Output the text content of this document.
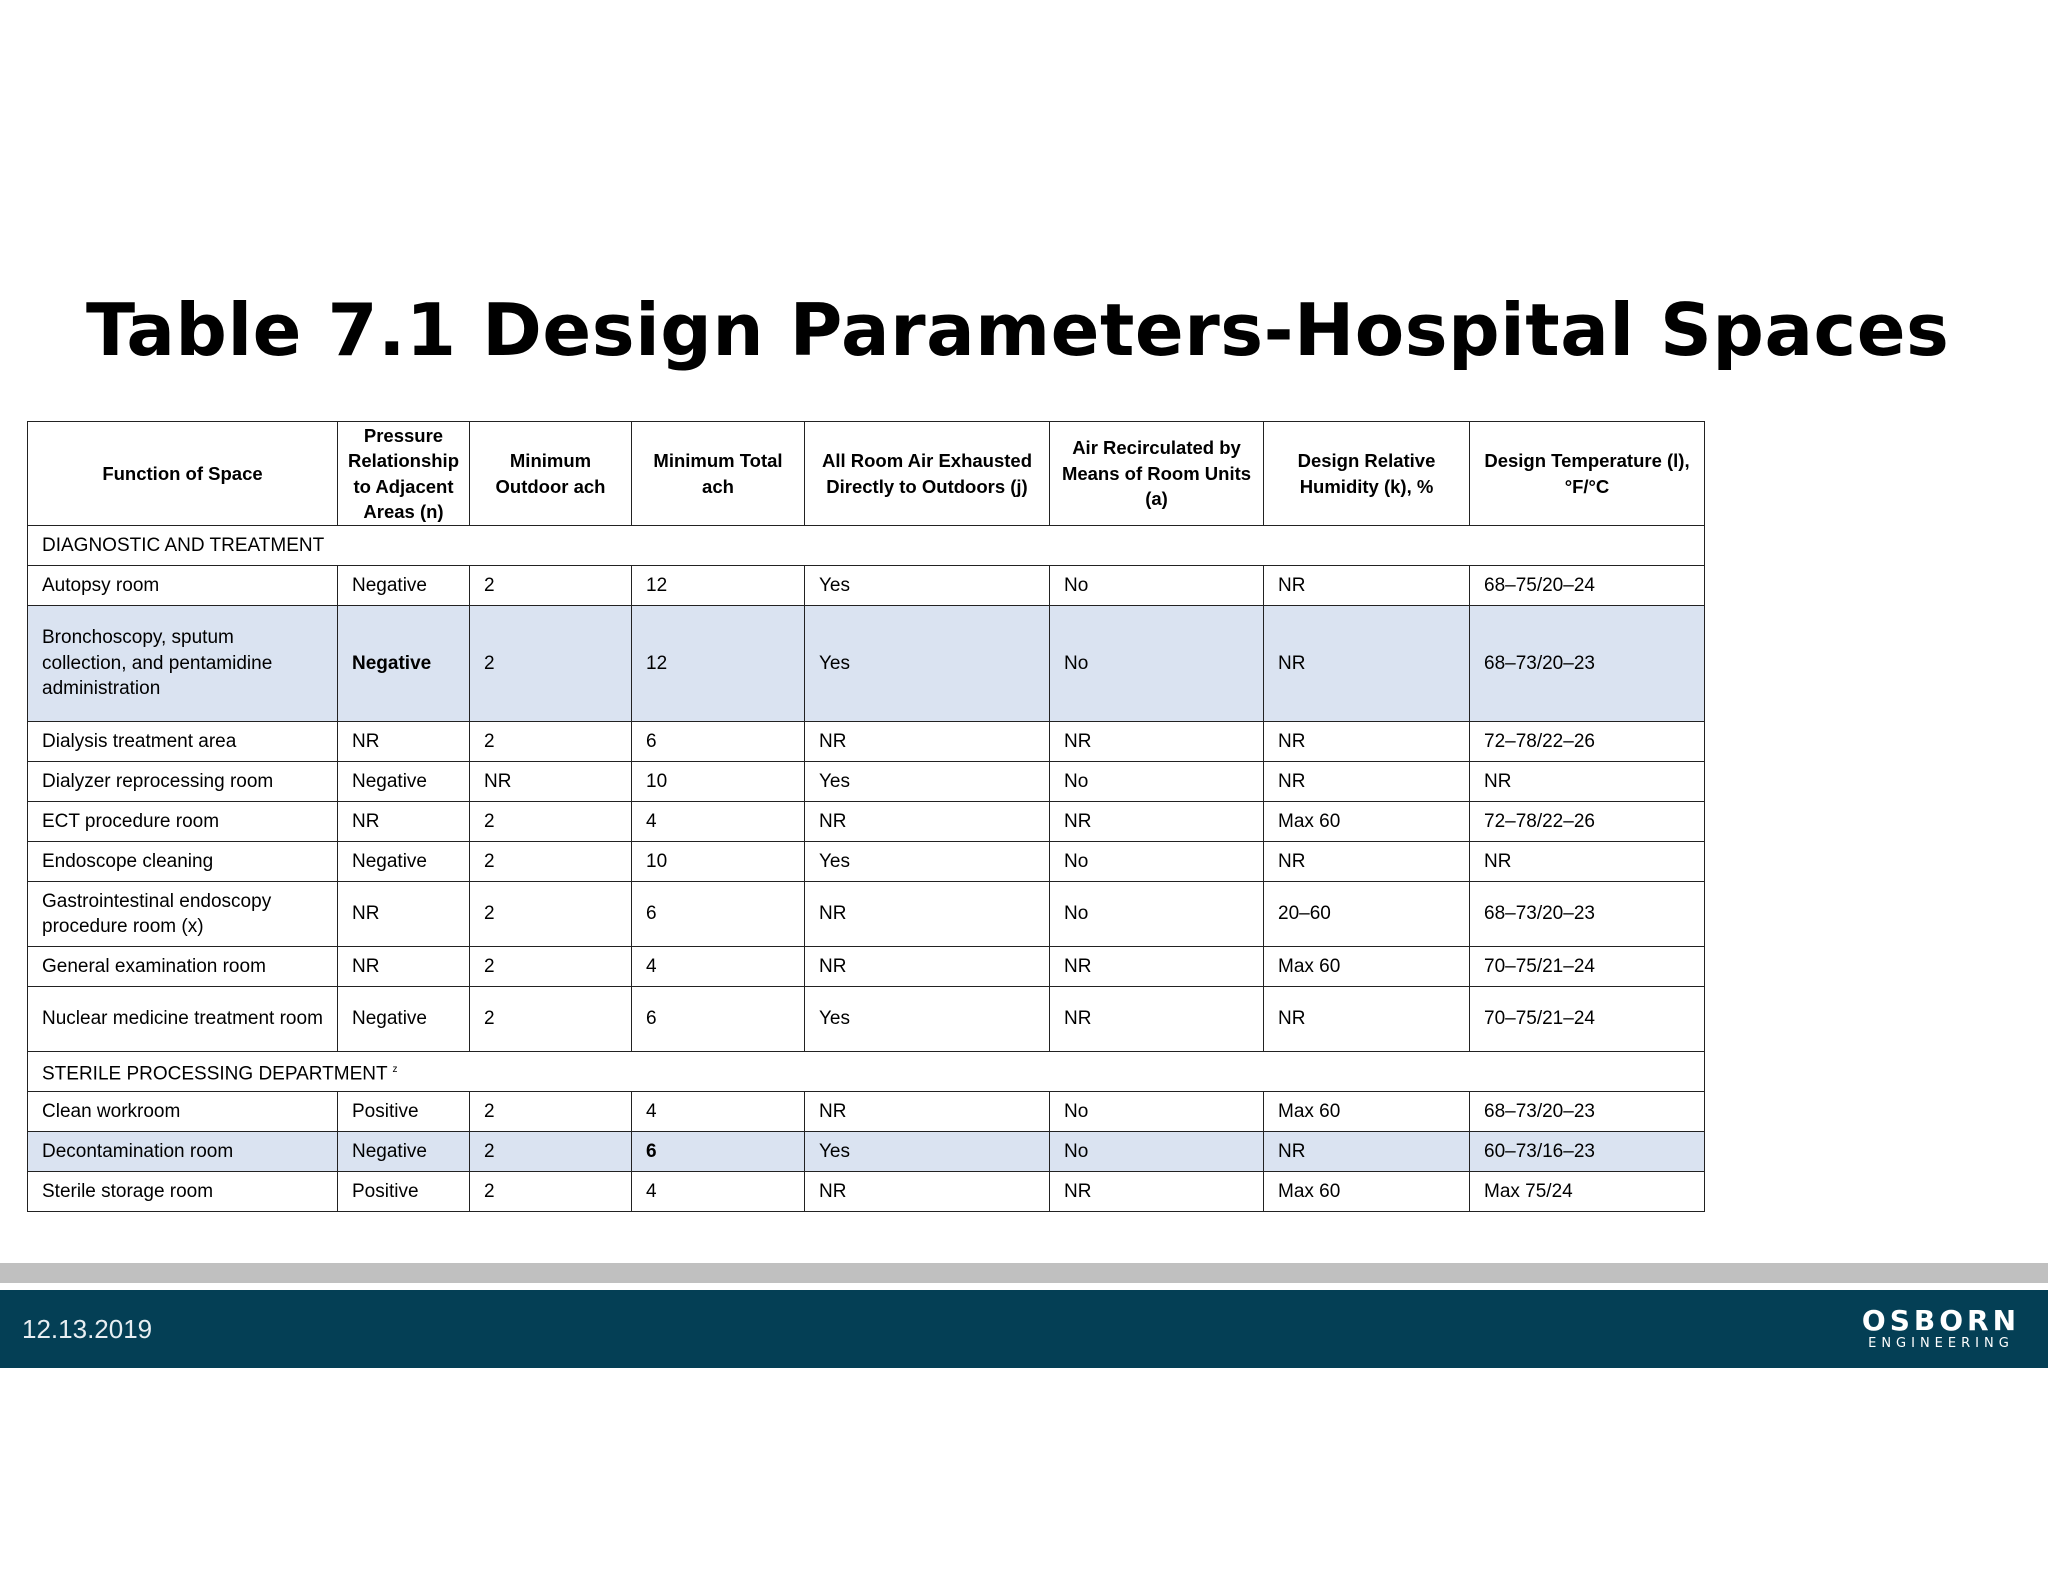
Table 7.1 Design Parameters-Hospital Spaces
Function of Space	Pressure Relationship to Adjacent Areas (n)	Minimum Outdoor ach	Minimum Total ach	All Room Air Exhausted Directly to Outdoors (j)	Air Recirculated by Means of Room Units (a)	Design Relative Humidity (k), %	Design Temperature (l), °F/°C
DIAGNOSTIC AND TREATMENT							
Autopsy room	Negative	2	12	Yes	No	NR	68–75/20–24
Bronchoscopy, sputum collection, and pentamidine administration	Negative	2	12	Yes	No	NR	68–73/20–23
Dialysis treatment area	NR	2	6	NR	NR	NR	72–78/22–26
Dialyzer reprocessing room	Negative	NR	10	Yes	No	NR	NR
ECT procedure room	NR	2	4	NR	NR	Max 60	72–78/22–26
Endoscope cleaning	Negative	2	10	Yes	No	NR	NR
Gastrointestinal endoscopy procedure room (x)	NR	2	6	NR	No	20–60	68–73/20–23
General examination room	NR	2	4	NR	NR	Max 60	70–75/21–24
Nuclear medicine treatment room	Negative	2	6	Yes	NR	NR	70–75/21–24
STERILE PROCESSING DEPARTMENT $^z$
Clean workroom	Positive	2	4	NR	No	Max 60	68–73/20–23
Decontamination room	Negative	2	6	Yes	No	NR	60–73/16–23
Sterile storage room	Positive	2	4	NR	NR	Max 60	Max 75/24
12.13.2019	OSBORN
ENGINEERING
